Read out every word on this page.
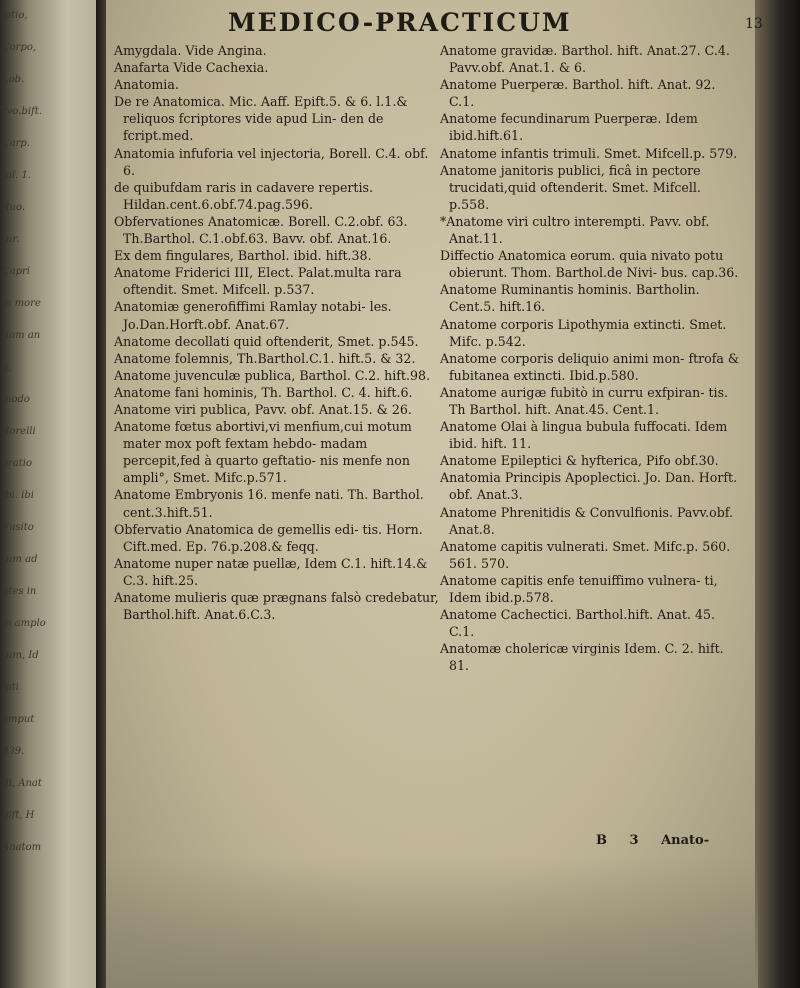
latio,
Corpo,
Lob.
rvo.bift.
Carp.
tal. 1.
Ruo.
tur.
Capri
m more
tiam an
n,
modo
Borelli
oratio
ibi. ibi
Fusito
tum ad
ntes in
m amplo
tum, Id
fati
amput
839.
ifi, Anat
gift, H
Anatom
MEDICO-PRACTICUM	13

Amygdala. Vide Angina.

Anafarta Vide Cachexia.

Anatomia.

De re Anatomica. Mic. Aaff. Epift.5. & 6. l.1.& reliquos fcriptores vide apud Lin- den de fcript.med.

Anatomia infuforia vel injectoria, Borell. C.4. obf. 6.

de quibufdam raris in cadavere repertis. Hildan.cent.6.obf.74.pag.596.

Obfervationes Anatomicæ. Borell. C.2.obf. 63. Th.Barthol. C.1.obf.63. Bavv. obf. Anat.16.

Ex dem fingulares, Barthol. ibid. hift.38.

Anatome Friderici III, Elect. Palat.multa rara oftendit. Smet. Mifcell. p.537.

Anatomiæ generofiffimi Ramlay notabi- les. Jo.Dan.Horft.obf. Anat.67.

Anatome decollati quid oftenderit, Smet. p.545.

Anatome folemnis, Th.Barthol.C.1. hift.5. & 32.

Anatome juvenculæ publica, Barthol. C.2. hift.98.

Anatome fani hominis, Th. Barthol. C. 4. hift.6.

Anatome viri publica, Pavv. obf. Anat.15. & 26.

Anatome fœtus abortivi,vi menfium,cui motum mater mox poft fextam hebdo- madam percepit,fed à quarto geftatio- nis menfe non ampli°, Smet. Mifc.p.571.

Anatome Embryonis 16. menfe nati. Th. Barthol. cent.3.hift.51.

Obfervatio Anatomica de gemellis edi- tis. Horn. Cift.med. Ep. 76.p.208.& feqq.

Anatome nuper natæ puellæ, Idem C.1. hift.14.& C.3. hift.25.

Anatome mulieris quæ prægnans falsò credebatur, Barthol.hift. Anat.6.C.3.

Anatome gravidæ. Barthol. hift. Anat.27. C.4. Pavv.obf. Anat.1. & 6.

Anatome Puerperæ. Barthol. hift. Anat. 92. C.1.

Anatome fecundinarum Puerperæ. Idem ibid.hift.61.

Anatome infantis trimuli. Smet. Mifcell.p. 579.

Anatome janitoris publici, ficâ in pectore trucidati,quid oftenderit. Smet. Mifcell. p.558.

*Anatome viri cultro interempti. Pavv. obf. Anat.11.

Diffectio Anatomica eorum. quia nivato potu obierunt. Thom. Barthol.de Nivi- bus. cap.36.

Anatome Ruminantis hominis. Bartholin. Cent.5. hift.16.

Anatome corporis Lipothymia extincti. Smet. Mifc. p.542.

Anatome corporis deliquio animi mon- ftrofa & fubitanea extincti. Ibid.p.580.

Anatome aurigæ fubitò in curru exfpiran- tis. Th Barthol. hift. Anat.45. Cent.1.

Anatome Olai à lingua bubula fuffocati. Idem ibid. hift. 11.

Anatome Epileptici & hyfterica, Pifo obf.30.

Anatomia Principis Apoplectici. Jo. Dan. Horft. obf. Anat.3.

Anatome Phrenitidis & Convulfionis. Pavv.obf. Anat.8.

Anatome capitis vulnerati. Smet. Mifc.p. 560. 561. 570.

Anatome capitis enfe tenuiffimo vulnera- ti, Idem ibid.p.578.

Anatome Cachectici. Barthol.hift. Anat. 45. C.1.

Anatomæ cholericæ virginis Idem. C. 2. hift. 81.

B 3 Anato-
